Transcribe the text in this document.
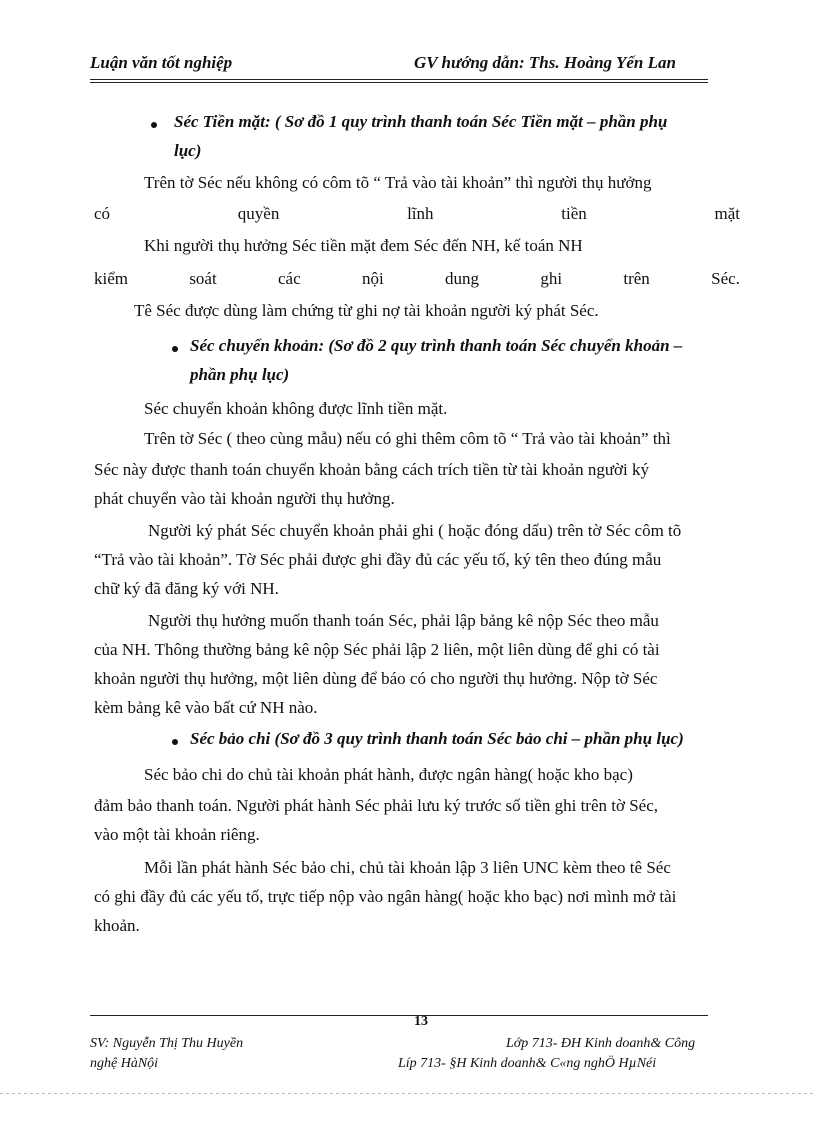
Luận văn tốt nghiệp	GV hướng dẫn: Ths. Hoàng Yến Lan
Séc Tiền mặt: ( Sơ đồ 1 quy trình thanh toán Séc Tiền mặt – phần phụ
lục)
Trên tờ Séc nếu không có côm tõ “ Trả vào tài khoản” thì người thụ hưởng
có	quyền	lĩnh	tiền	mặt
Khi người thụ hưởng Séc tiền mặt đem Séc đến NH, kế toán NH
kiểm	soát	các	nội	dung	ghi	trên	Séc.
Tê Séc được dùng làm chứng từ ghi nợ tài khoản người ký phát Séc.
Séc chuyển khoản: (Sơ đồ 2 quy trình thanh toán Séc chuyển khoản –
phần phụ lục)
Séc chuyển khoản không được lĩnh tiền mặt.
Trên tờ Séc ( theo cùng mẫu) nếu có ghi thêm côm tõ “ Trả vào tài khoản” thì
Séc này được thanh toán chuyển khoản bằng cách trích tiền từ tài khoản người ký
phát chuyển vào tài khoản người thụ hưởng.
Người ký phát Séc chuyển khoản phải ghi ( hoặc đóng dấu) trên tờ Séc côm tõ
“Trả vào tài khoản”. Tờ Séc phải được ghi đầy đủ các yếu tố, ký tên theo đúng mẫu
chữ ký đã đăng ký với NH.
Người thụ hưởng muốn thanh toán Séc, phải lập bảng kê nộp Séc theo mẫu
của NH. Thông thường bảng kê nộp Séc phải lập 2 liên, một liên dùng để ghi có tài
khoản người thụ hưởng, một liên dùng để báo có cho người thụ hưởng. Nộp tờ Séc
kèm bảng kê vào bất cứ NH nào.
Séc bảo chi (Sơ đồ 3 quy trình thanh toán Séc bảo chi – phần phụ lục)
Séc bảo chi do chủ tài khoản phát hành, được ngân hàng( hoặc kho bạc)
đảm bảo thanh toán. Người phát hành Séc phải lưu ký trước số tiền ghi trên tờ Séc,
vào một tài khoản riêng.
Mỗi lần phát hành Séc bảo chi, chủ tài khoản lập 3 liên UNC kèm theo tê Séc
có ghi đầy đủ các yếu tố, trực tiếp nộp vào ngân hàng( hoặc kho bạc) nơi mình mở tài
khoản.
13
SV: Nguyễn Thị Thu Huyền	Lớp 713- ĐH Kinh doanh& Công
nghệ HàNội	Líp 713- §H Kinh doanh& C«ng nghÖ HµNéi
